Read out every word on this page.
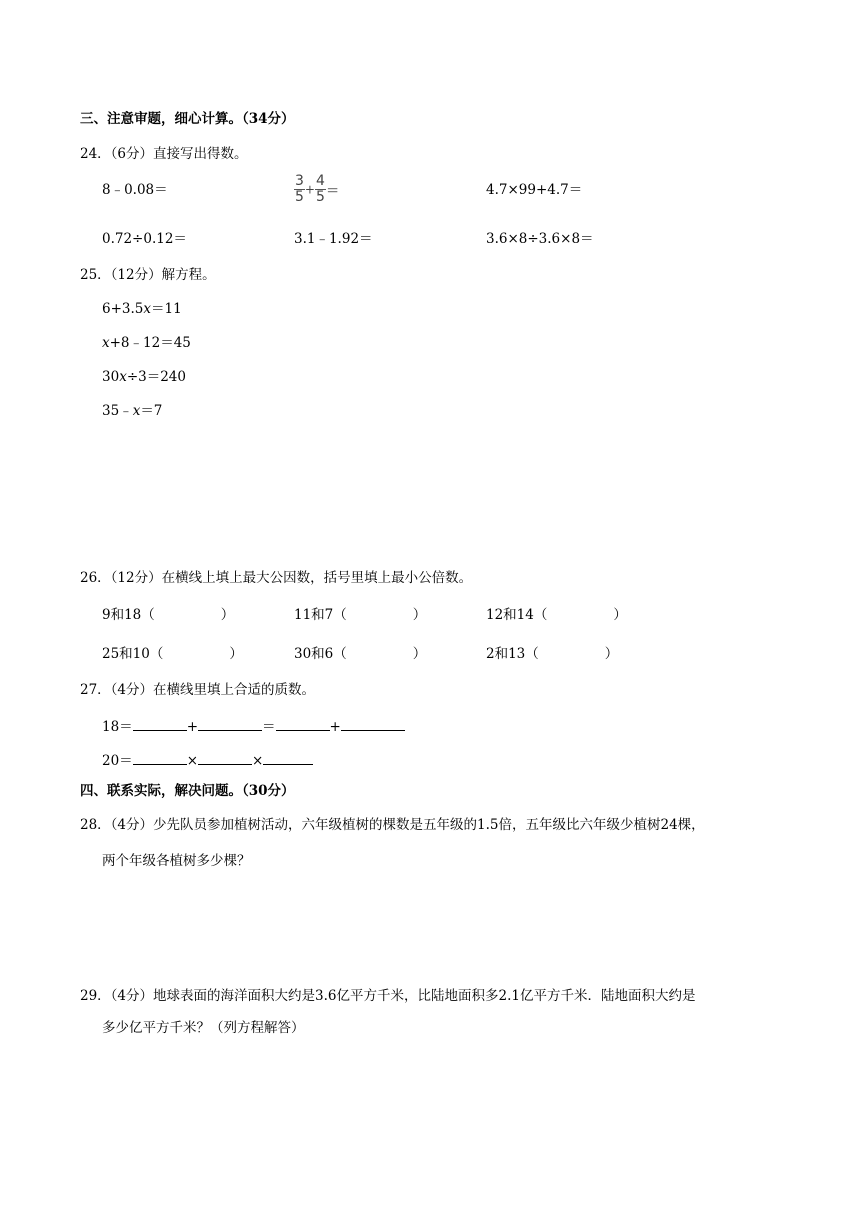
三、注意审题，细心计算。（34分）
24．（6分）直接写出得数。
8﹣0.08＝	$\frac{3}{5} + \frac{4}{5}$ ＝	4.7×99+4.7＝
0.72÷0.12＝	3.1﹣1.92＝	3.6×8÷3.6×8＝
25．（12分）解方程。
6+3.5x＝11
x+8﹣12＝45
30x÷3＝240
35﹣x＝7
26．（12分）在横线上填上最大公因数，括号里填上最小公倍数。
9和18（	）	11和7（	）	12和14（	）
25和10（	）	30和6（	）	2和13（	）
27．（4分）在横线里填上合适的质数。
18＝	+	＝	+
20＝	×	×
四、联系实际，解决问题。（30分）
28．（4分）少先队员参加植树活动，六年级植树的棵数是五年级的1.5倍，五年级比六年级少植树24棵，
两个年级各植树多少棵？
29．（4分）地球表面的海洋面积大约是3.6亿平方千米，比陆地面积多2.1亿平方千米．陆地面积大约是
多少亿平方千米？（列方程解答）
